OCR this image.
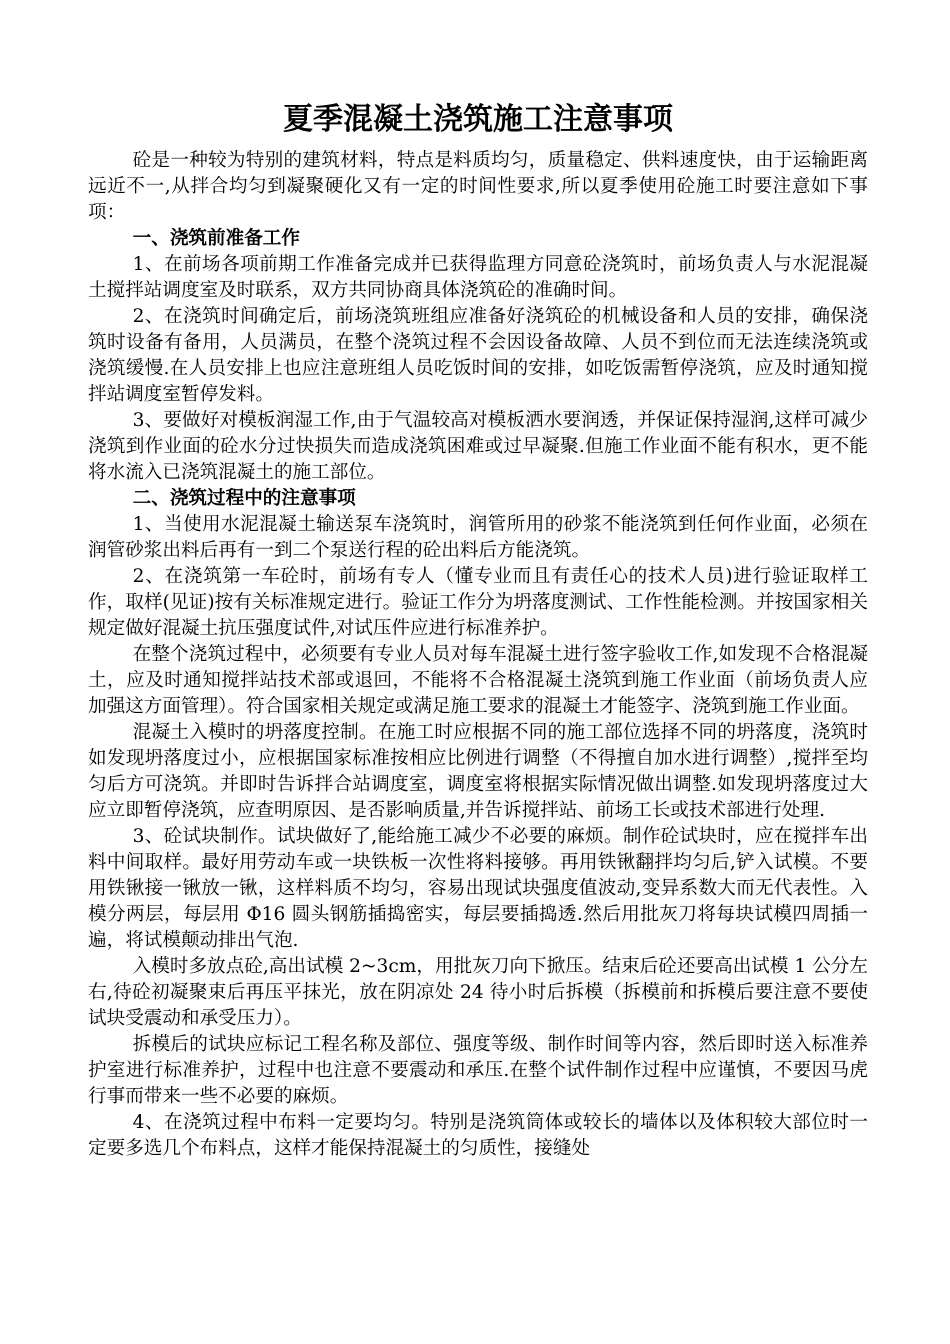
夏季混凝土浇筑施工注意事项

砼是一种较为特别的建筑材料，特点是料质均匀，质量稳定、供料速度快，由于运输距离远近不一,从拌合均匀到凝聚硬化又有一定的时间性要求,所以夏季使用砼施工时要注意如下事项：

一、浇筑前准备工作

1、在前场各项前期工作准备完成并已获得监理方同意砼浇筑时，前场负责人与水泥混凝土搅拌站调度室及时联系，双方共同协商具体浇筑砼的准确时间。

2、在浇筑时间确定后，前场浇筑班组应准备好浇筑砼的机械设备和人员的安排，确保浇筑时设备有备用，人员满员，在整个浇筑过程不会因设备故障、人员不到位而无法连续浇筑或浇筑缓慢.在人员安排上也应注意班组人员吃饭时间的安排，如吃饭需暂停浇筑，应及时通知搅拌站调度室暂停发料。

3、要做好对模板润湿工作,由于气温较高对模板洒水要润透，并保证保持湿润,这样可减少浇筑到作业面的砼水分过快损失而造成浇筑困难或过早凝聚.但施工作业面不能有积水，更不能将水流入已浇筑混凝土的施工部位。

二、浇筑过程中的注意事项

1、当使用水泥混凝土输送泵车浇筑时，润管所用的砂浆不能浇筑到任何作业面，必须在润管砂浆出料后再有一到二个泵送行程的砼出料后方能浇筑。

2、在浇筑第一车砼时，前场有专人（懂专业而且有责任心的技术人员)进行验证取样工作，取样(见证)按有关标准规定进行。验证工作分为坍落度测试、工作性能检测。并按国家相关规定做好混凝土抗压强度试件,对试压件应进行标准养护。

在整个浇筑过程中，必须要有专业人员对每车混凝土进行签字验收工作,如发现不合格混凝土，应及时通知搅拌站技术部或退回，不能将不合格混凝土浇筑到施工作业面（前场负责人应加强这方面管理）。符合国家相关规定或满足施工要求的混凝土才能签字、浇筑到施工作业面。

混凝土入模时的坍落度控制。在施工时应根据不同的施工部位选择不同的坍落度，浇筑时如发现坍落度过小，应根据国家标准按相应比例进行调整（不得擅自加水进行调整）,搅拌至均匀后方可浇筑。并即时告诉拌合站调度室，调度室将根据实际情况做出调整.如发现坍落度过大应立即暂停浇筑，应查明原因、是否影响质量,并告诉搅拌站、前场工长或技术部进行处理.

3、砼试块制作。试块做好了,能给施工减少不必要的麻烦。制作砼试块时，应在搅拌车出料中间取样。最好用劳动车或一块铁板一次性将料接够。再用铁锹翻拌均匀后,铲入试模。不要用铁锹接一锹放一锹，这样料质不均匀，容易出现试块强度值波动,变异系数大而无代表性。入模分两层，每层用 Φ16 圆头钢筋插捣密实，每层要插捣透.然后用批灰刀将每块试模四周插一遍，将试模颠动排出气泡.

入模时多放点砼,高出试模 2~3cm，用批灰刀向下掀压。结束后砼还要高出试模 1 公分左右,待砼初凝聚束后再压平抹光，放在阴凉处 24 待小时后拆模（拆模前和拆模后要注意不要使试块受震动和承受压力）。

拆模后的试块应标记工程名称及部位、强度等级、制作时间等内容，然后即时送入标准养护室进行标准养护，过程中也注意不要震动和承压.在整个试件制作过程中应谨慎，不要因马虎行事而带来一些不必要的麻烦。

4、在浇筑过程中布料一定要均匀。特别是浇筑筒体或较长的墙体以及体积较大部位时一定要多选几个布料点，这样才能保持混凝土的匀质性，接缝处
